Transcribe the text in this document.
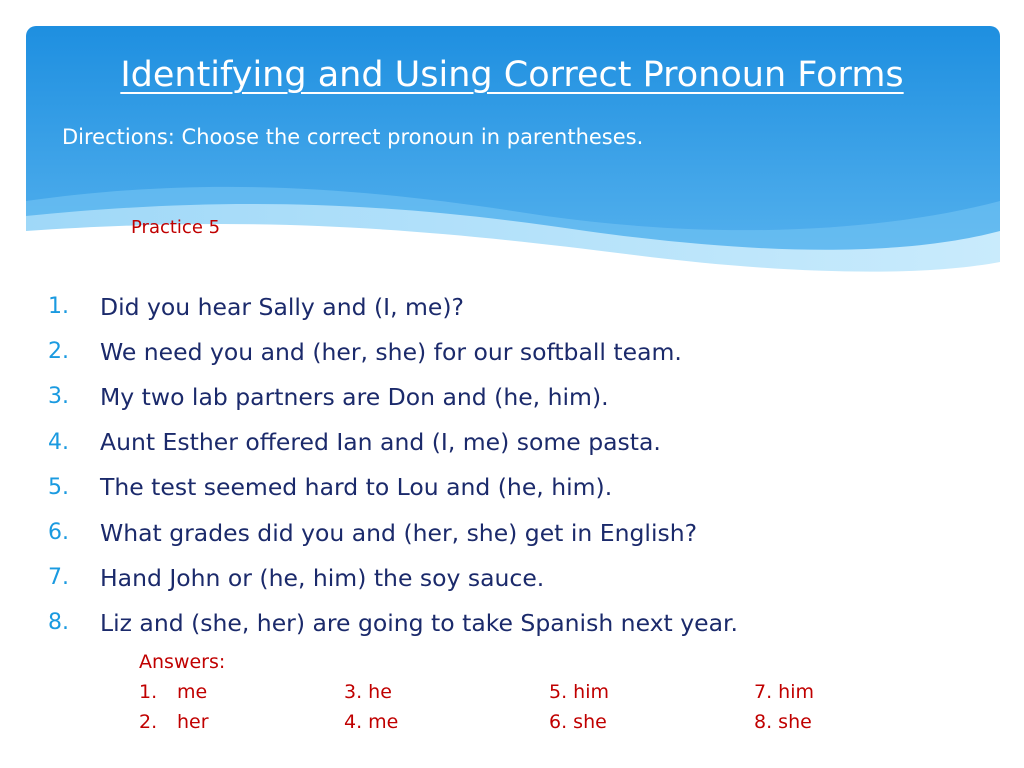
Identifying and Using Correct Pronoun Forms
Directions: Choose the correct pronoun in parentheses.
Practice 5
1.	Did you hear Sally and (I, me)?
2.	We need you and (her, she) for our softball team.
3.	My two lab partners are Don and (he, him).
4.	Aunt Esther offered Ian and (I, me) some pasta.
5.	The test seemed hard to Lou and (he, him).
6.	What grades did you and (her, she) get in English?
7.	Hand John or (he, him) the soy sauce.
8.	Liz and (she, her) are going to take Spanish next year.
Answers:
1. me
2. her
3. he
4. me
5. him
6. she
7. him
8. she
